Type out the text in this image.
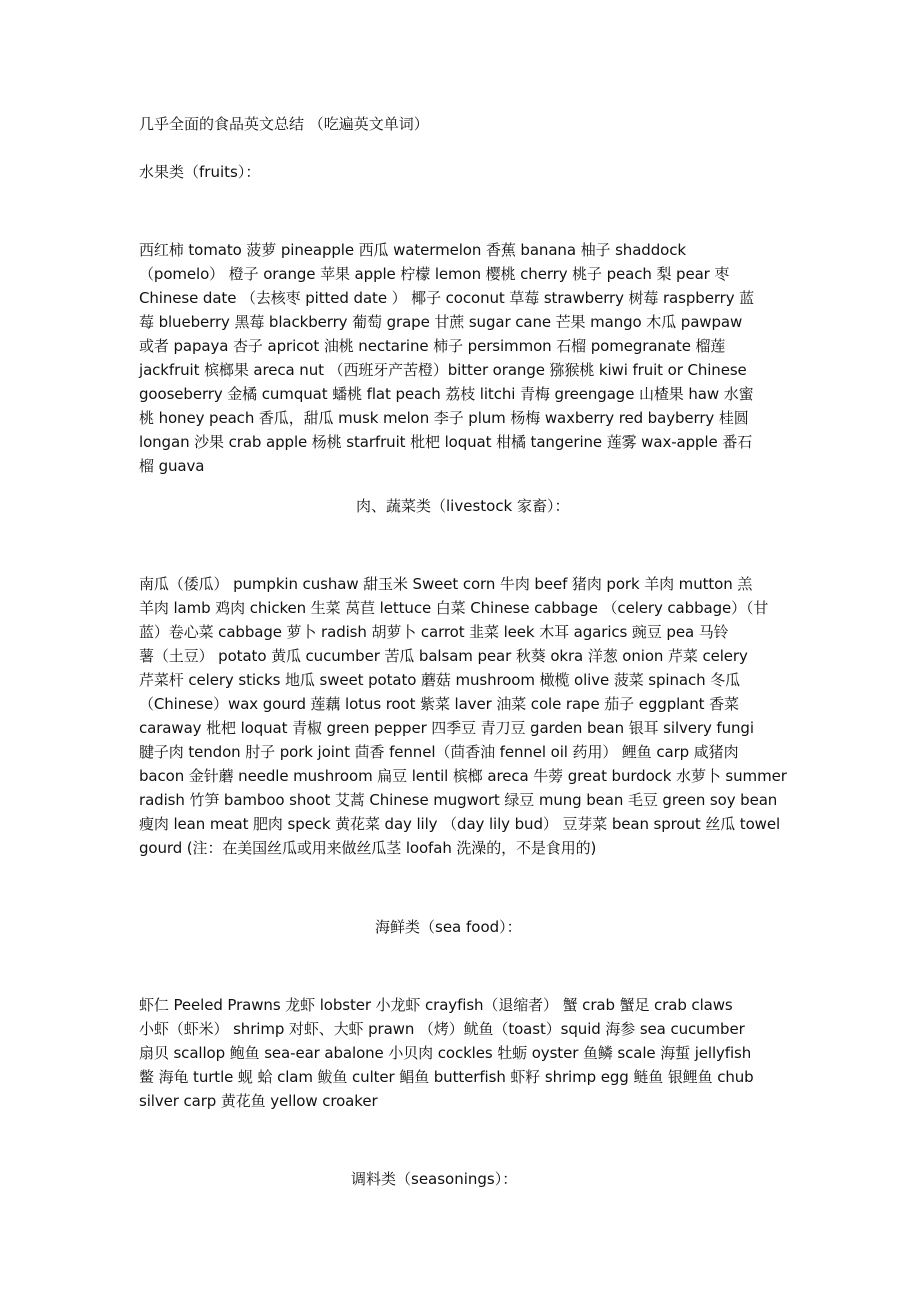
几乎全面的食品英文总结 （吃遍英文单词）
水果类（fruits）：
西红柿 tomato 菠萝 pineapple 西瓜 watermelon 香蕉 banana 柚子 shaddock
（pomelo） 橙子 orange 苹果 apple 柠檬 lemon 樱桃 cherry 桃子 peach 梨 pear 枣
Chinese date （去核枣 pitted date ） 椰子 coconut 草莓 strawberry 树莓 raspberry 蓝
莓 blueberry 黑莓 blackberry 葡萄 grape 甘蔗 sugar cane 芒果 mango 木瓜 pawpaw
或者 papaya 杏子 apricot 油桃 nectarine 柿子 persimmon 石榴 pomegranate 榴莲
jackfruit 槟榔果 areca nut （西班牙产苦橙）bitter orange 猕猴桃 kiwi fruit or Chinese
gooseberry 金橘 cumquat 蟠桃 flat peach 荔枝 litchi 青梅 greengage 山楂果 haw 水蜜
桃 honey peach 香瓜，甜瓜 musk melon 李子 plum 杨梅 waxberry red bayberry 桂圆
longan 沙果 crab apple 杨桃 starfruit 枇杷 loquat 柑橘 tangerine 莲雾 wax-apple 番石
榴 guava
肉、蔬菜类（livestock 家畜）：
南瓜（倭瓜） pumpkin cushaw 甜玉米 Sweet corn 牛肉 beef 猪肉 pork 羊肉 mutton 羔
羊肉 lamb 鸡肉 chicken 生菜 莴苣 lettuce 白菜 Chinese cabbage （celery cabbage）（甘
蓝）卷心菜 cabbage 萝卜 radish 胡萝卜 carrot 韭菜 leek 木耳 agarics 豌豆 pea 马铃
薯（土豆） potato 黄瓜 cucumber 苦瓜 balsam pear 秋葵 okra 洋葱 onion 芹菜 celery
芹菜杆 celery sticks 地瓜 sweet potato 蘑菇 mushroom 橄榄 olive 菠菜 spinach 冬瓜
（Chinese）wax gourd 莲藕 lotus root 紫菜 laver 油菜 cole rape 茄子 eggplant 香菜
caraway 枇杷 loquat 青椒 green pepper 四季豆 青刀豆 garden bean 银耳 silvery fungi
腱子肉 tendon 肘子 pork joint 茴香 fennel（茴香油 fennel oil 药用） 鲤鱼 carp 咸猪肉
bacon 金针蘑 needle mushroom 扁豆 lentil 槟榔 areca 牛蒡 great burdock 水萝卜 summer
radish 竹笋 bamboo shoot 艾蒿 Chinese mugwort 绿豆 mung bean 毛豆 green soy bean
瘦肉 lean meat 肥肉 speck 黄花菜 day lily （day lily bud） 豆芽菜 bean sprout 丝瓜 towel
gourd (注：在美国丝瓜或用来做丝瓜茎 loofah 洗澡的，不是食用的)
海鲜类（sea food）：
虾仁 Peeled Prawns 龙虾 lobster 小龙虾 crayfish（退缩者） 蟹 crab 蟹足 crab claws
小虾（虾米） shrimp 对虾、大虾 prawn （烤）鱿鱼（toast）squid 海参 sea cucumber
扇贝 scallop 鲍鱼 sea-ear abalone 小贝肉 cockles 牡蛎 oyster 鱼鳞 scale 海蜇 jellyfish
鳖 海龟 turtle 蚬 蛤 clam 鲅鱼 culter 鲳鱼 butterfish 虾籽 shrimp egg 鲢鱼 银鲤鱼 chub
silver carp 黄花鱼 yellow croaker
调料类（seasonings）：
